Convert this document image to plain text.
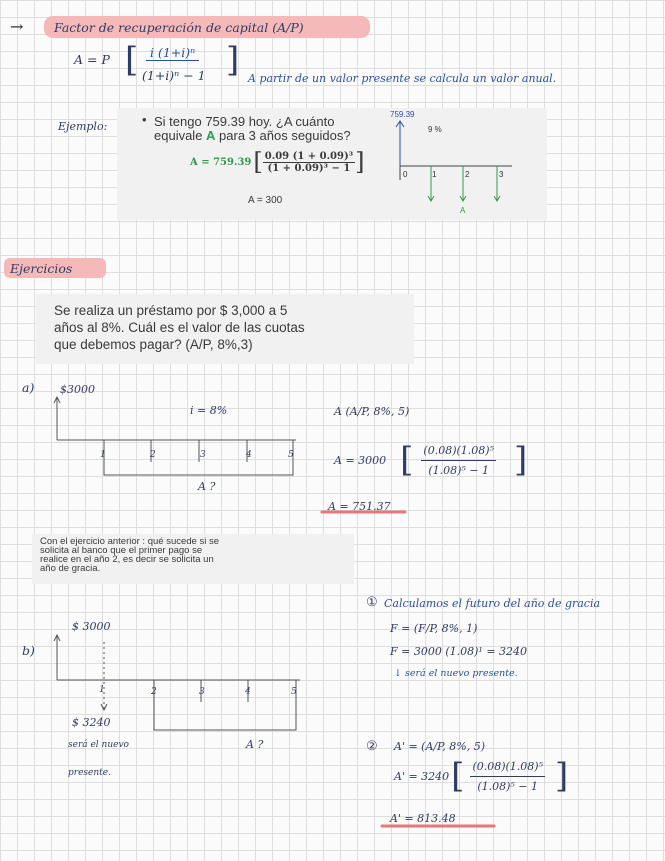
→ Factor de recuperación de capital (A/P)
A = P [ i (1+i)ⁿ
(1+i)ⁿ − 1 ] A partir de un valor presente se calcula un valor anual.
Ejemplo:	• Si tengo 759.39 hoy. ¿A cuánto
equivale A para 3 años seguidos?
A = 759.39 [ $\frac{\text{0.09 (1 + 0.09)³}}{\text{(1 + 0.09)³ − 1}}$ ]
A = 300
759.39
9 %
0	1	2	3
A
Ejercicios
Se realiza un préstamo por $ 3,000 a 5
años al 8%. Cuál es el valor de las cuotas
que debemos pagar? (A/P, 8%,3)
a) $3000
i = 8%
1	2	3	4	5
A ?
A (A/P, 8%, 5)
A = 3000 [ $\frac{\text{(0.08)(1.08)⁵}}{\text{(1.08)⁵ − 1}}$ ]
A = 751.37
Con el ejercicio anterior : qué sucede si se
solicita al banco que el primer pago se
realice en el año 2, es decir se solicita un
año de gracia.
b)
$ 3000
1	2	3	4	5
$ 3240
será el nuevo
presente.
A ?
① Calculamos el futuro del año de gracia
F = (F/P, 8%, 1)
F = 3000 (1.08)¹ = 3240
↓ será el nuevo presente.
② A' = (A/P, 8%, 5)
A' = 3240 [ $\frac{\text{(0.08)(1.08)⁵}}{\text{(1.08)⁵ − 1}}$ ]
A' = 813.48
